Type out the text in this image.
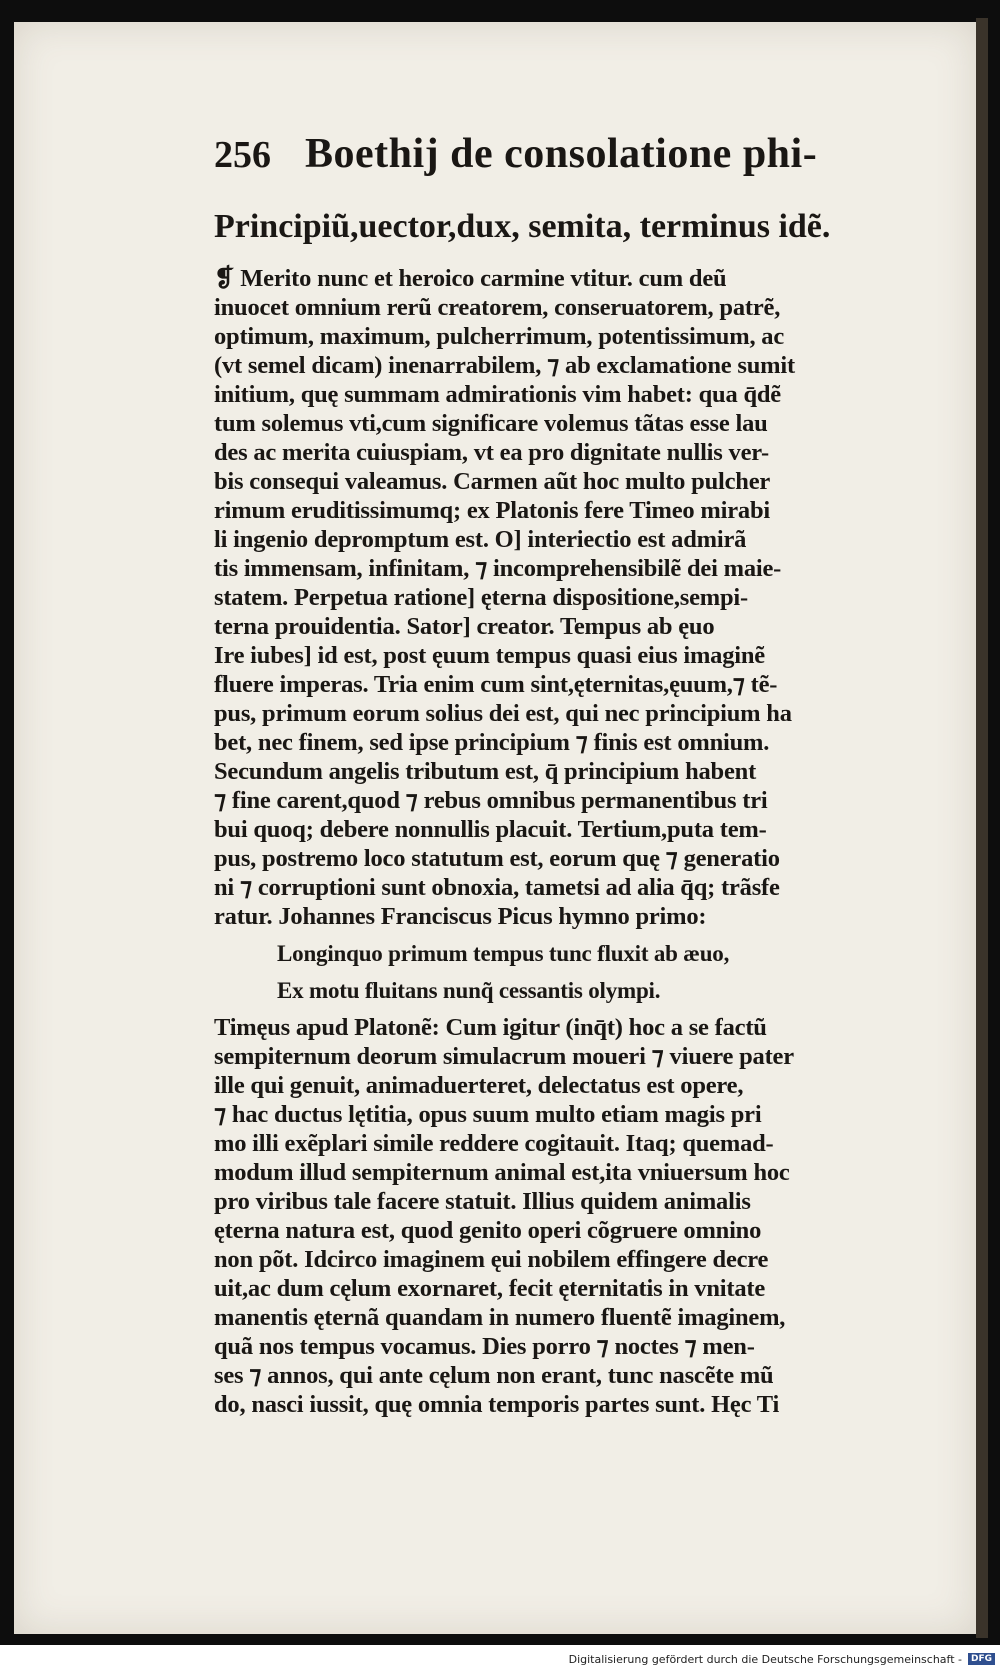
256 Boethij de consolatione phi-
Principiũ,uector,dux, semita, terminus idẽ.
❡ Merito nunc et heroico carmine vtitur. cum deũ
inuocet omnium rerũ creatorem, conseruatorem, patrẽ,
optimum, maximum, pulcherrimum, potentissimum, ac
(vt semel dicam) inenarrabilem, ⁊ ab exclamatione sumit
initium, quę summam admirationis vim habet: qua q̄dẽ
tum solemus vti,cum significare volemus tãtas esse lau
des ac merita cuiuspiam, vt ea pro dignitate nullis ver-
bis consequi valeamus. Carmen aũt hoc multo pulcher
rimum eruditissimumq; ex Platonis fere Timeo mirabi
li ingenio depromptum est. O] interiectio est admirã
tis immensam, infinitam, ⁊ incomprehensibilẽ dei maie-
statem. Perpetua ratione] ęterna dispositione,sempi-
terna prouidentia. Sator] creator. Tempus ab ęuo
Ire iubes] id est, post ęuum tempus quasi eius imaginẽ
fluere imperas. Tria enim cum sint,ęternitas,ęuum,⁊ tẽ-
pus, primum eorum solius dei est, qui nec principium ha
bet, nec finem, sed ipse principium ⁊ finis est omnium.
Secundum angelis tributum est, q̄ principium habent
⁊ fine carent,quod ⁊ rebus omnibus permanentibus tri
bui quoq; debere nonnullis placuit. Tertium,puta tem-
pus, postremo loco statutum est, eorum quę ⁊ generatio
ni ⁊ corruptioni sunt obnoxia, tametsi ad alia q̄q; trãsfe
ratur. Johannes Franciscus Picus hymno primo:
Longinquo primum tempus tunc fluxit ab æuo,
Ex motu fluitans nunq̃ cessantis olympi.
Timęus apud Platonẽ: Cum igitur (inq̄t) hoc a se factũ
sempiternum deorum simulacrum moueri ⁊ viuere pater
ille qui genuit, animaduerteret, delectatus est opere,
⁊ hac ductus lętitia, opus suum multo etiam magis pri
mo illi exẽplari simile reddere cogitauit. Itaq; quemad-
modum illud sempiternum animal est,ita vniuersum hoc
pro viribus tale facere statuit. Illius quidem animalis
ęterna natura est, quod genito operi cõgruere omnino
non põt. Idcirco imaginem ęui nobilem effingere decre
uit,ac dum cęlum exornaret, fecit ęternitatis in vnitate
manentis ęternã quandam in numero fluentẽ imaginem,
quã nos tempus vocamus. Dies porro ⁊ noctes ⁊ men-
ses ⁊ annos, qui ante cęlum non erant, tunc nascẽte mũ
do, nasci iussit, quę omnia temporis partes sunt. Hęc Ti
Digitalisierung gefördert durch die Deutsche Forschungsgemeinschaft -	DFG
